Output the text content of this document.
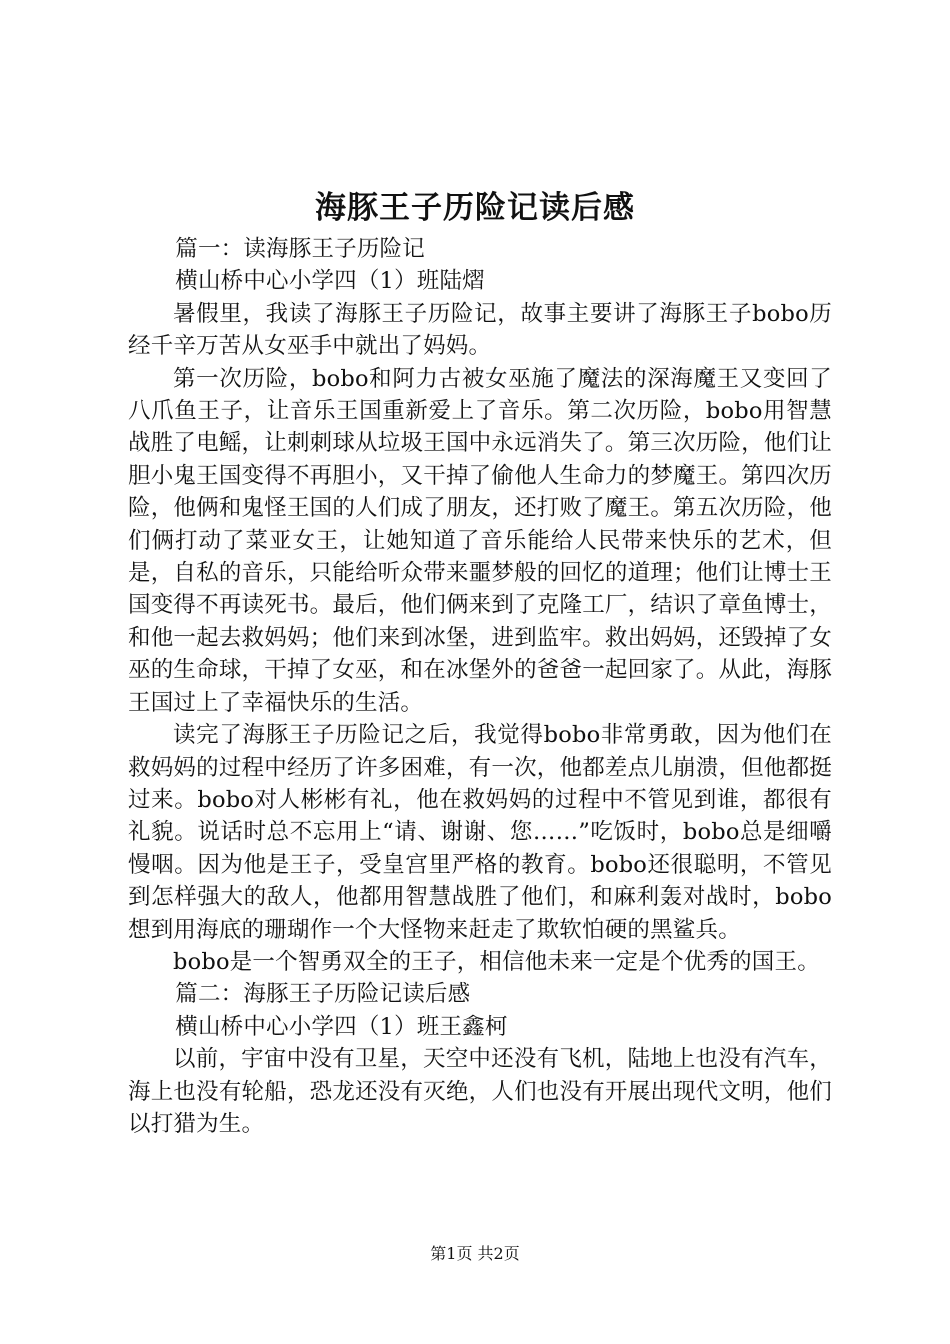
海豚王子历险记读后感

篇一：读海豚王子历险记

横山桥中心小学四（1）班陆熠

暑假里，我读了海豚王子历险记，故事主要讲了海豚王子bobo历经千辛万苦从女巫手中就出了妈妈。

第一次历险，bobo和阿力古被女巫施了魔法的深海魔王又变回了八爪鱼王子，让音乐王国重新爱上了音乐。第二次历险，bobo用智慧战胜了电鳐，让刺刺球从垃圾王国中永远消失了。第三次历险，他们让胆小鬼王国变得不再胆小，又干掉了偷他人生命力的梦魔王。第四次历险，他俩和鬼怪王国的人们成了朋友，还打败了魔王。第五次历险，他们俩打动了菜亚女王，让她知道了音乐能给人民带来快乐的艺术，但是，自私的音乐，只能给听众带来噩梦般的回忆的道理；他们让博士王国变得不再读死书。最后，他们俩来到了克隆工厂，结识了章鱼博士，和他一起去救妈妈；他们来到冰堡，进到监牢。救出妈妈，还毁掉了女巫的生命球，干掉了女巫，和在冰堡外的爸爸一起回家了。从此，海豚王国过上了幸福快乐的生活。

读完了海豚王子历险记之后，我觉得bobo非常勇敢，因为他们在救妈妈的过程中经历了许多困难，有一次，他都差点儿崩溃，但他都挺过来。bobo对人彬彬有礼，他在救妈妈的过程中不管见到谁，都很有礼貌。说话时总不忘用上“请、谢谢、您……”吃饭时，bobo总是细嚼慢咽。因为他是王子，受皇宫里严格的教育。bobo还很聪明，不管见到怎样强大的敌人，他都用智慧战胜了他们，和麻利轰对战时，bobo想到用海底的珊瑚作一个大怪物来赶走了欺软怕硬的黑鲨兵。

bobo是一个智勇双全的王子，相信他未来一定是个优秀的国王。

篇二：海豚王子历险记读后感

横山桥中心小学四（1）班王鑫柯

以前，宇宙中没有卫星，天空中还没有飞机，陆地上也没有汽车，海上也没有轮船，恐龙还没有灭绝，人们也没有开展出现代文明，他们以打猎为生。

第1页 共2页
